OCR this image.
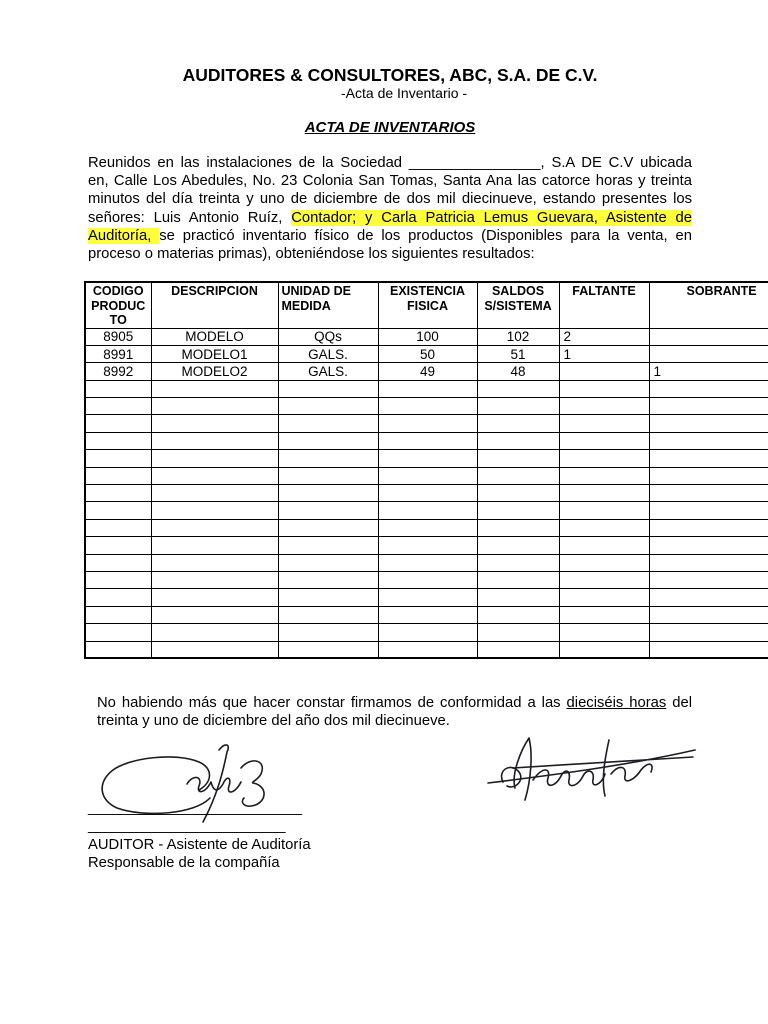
AUDITORES & CONSULTORES, ABC, S.A. DE C.V.
-Acta de Inventario -
ACTA DE INVENTARIOS
Reunidos en las instalaciones de la Sociedad ________________, S.A DE C.V ubicada
en, Calle Los Abedules, No. 23 Colonia San Tomas, Santa Ana las catorce horas y treinta
minutos del día treinta y uno de diciembre de dos mil diecinueve, estando presentes los
señores: Luis Antonio Ruíz, Contador; y Carla Patricia Lemus Guevara, Asistente de
Auditoría, se practicó inventario físico de los productos (Disponibles para la venta, en
proceso o materias primas), obteniéndose los siguientes resultados:
CODIGO PRODUC TO	DESCRIPCION	UNIDAD DE MEDIDA	EXISTENCIA FISICA	SALDOS S/SISTEMA	FALTANTE	SOBRANTE
8905	MODELO	QQs	100	102	2	
8991	MODELO1	GALS.	50	51	1	
8992	MODELO2	GALS.	49	48		1

No habiendo más que hacer constar firmamos de conformidad a las dieciséis horas del
treinta y uno de diciembre del año dos mil diecinueve.
__________________________
________________________
AUDITOR - Asistente de Auditoría
Responsable de la compañía
